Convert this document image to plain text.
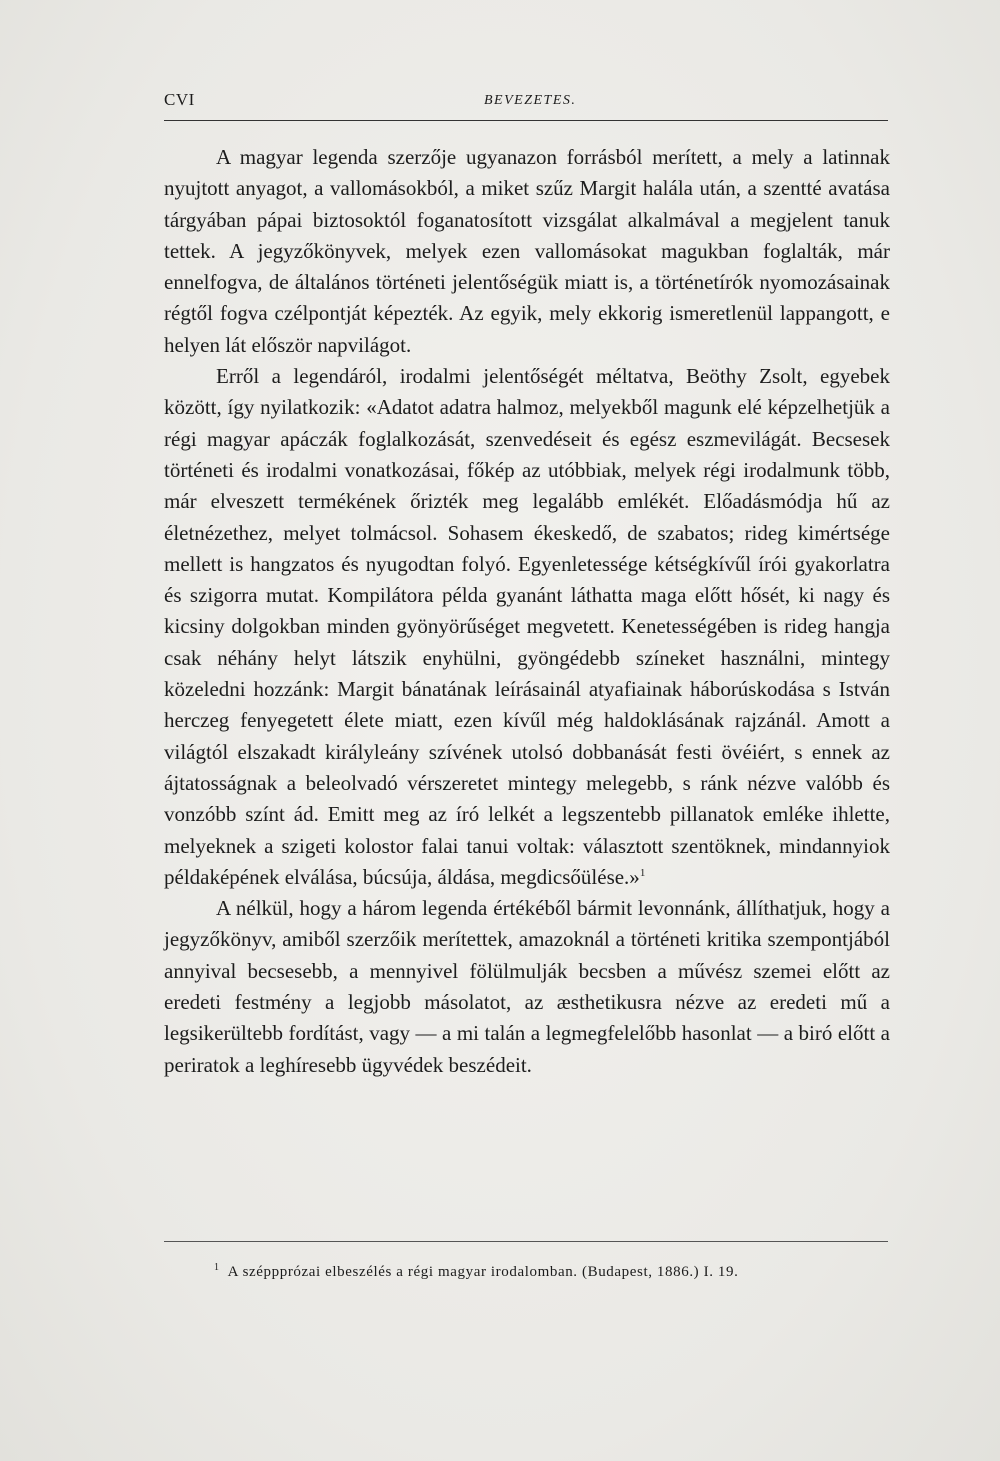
CVI	BEVEZETES.

A magyar legenda szerzője ugyanazon forrásból merített, a mely a latinnak nyujtott anyagot, a vallomásokból, a miket szűz Margit halála után, a szentté avatása tárgyában pápai biztosoktól foganatosított vizsgálat alkalmával a megjelent tanuk tettek. A jegyzőkönyvek, melyek ezen vallomásokat magukban foglalták, már ennelfogva, de általános történeti jelentőségük miatt is, a történetírók nyomozásainak régtől fogva czélpontját képezték. Az egyik, mely ekkorig ismeretlenül lappangott, e helyen lát először napvilágot.

Erről a legendáról, irodalmi jelentőségét méltatva, Beöthy Zsolt, egyebek között, így nyilatkozik: «Adatot adatra halmoz, melyekből magunk elé képzelhetjük a régi magyar apáczák foglalkozását, szenvedéseit és egész eszmevilágát. Becsesek történeti és irodalmi vonatkozásai, főkép az utóbbiak, melyek régi irodalmunk több, már elveszett termékének őrizték meg legalább emlékét. Előadásmódja hű az életnézethez, melyet tolmácsol. Sohasem ékeskedő, de szabatos; rideg kimértsége mellett is hangzatos és nyugodtan folyó. Egyenletessége kétségkívűl írói gyakorlatra és szigorra mutat. Kompilátora példa gyanánt láthatta maga előtt hősét, ki nagy és kicsiny dolgokban minden gyönyörűséget megvetett. Kenetességében is rideg hangja csak néhány helyt látszik enyhülni, gyöngédebb színeket használni, mintegy közeledni hozzánk: Margit bánatának leírásainál atyafiainak háborúskodása s István herczeg fenyegetett élete miatt, ezen kívűl még haldoklásának rajzánál. Amott a világtól elszakadt királyleány szívének utolsó dobbanását festi övéiért, s ennek az ájtatosságnak a beleolvadó vérszeretet mintegy melegebb, s ránk nézve valóbb és vonzóbb színt ád. Emitt meg az író lelkét a legszentebb pillanatok emléke ihlette, melyeknek a szigeti kolostor falai tanui voltak: választott szentöknek, mindannyiok példaképének elválása, búcsúja, áldása, megdicsőülése.»$^1$

A nélkül, hogy a három legenda értékéből bármit levonnánk, állíthatjuk, hogy a jegyzőkönyv, amiből szerzőik merítettek, amazoknál a történeti kritika szempontjából annyival becsesebb, a mennyivel fölülmulják becsben a művész szemei előtt az eredeti festmény a legjobb másolatot, az æsthetikusra nézve az eredeti mű a legsikerültebb fordítást, vagy — a mi talán a legmegfelelőbb hasonlat — a biró előtt a periratok a leghíresebb ügyvédek beszédeit.

$^1$ A széppprózai elbeszélés a régi magyar irodalomban. (Budapest, 1886.) I. 19.
